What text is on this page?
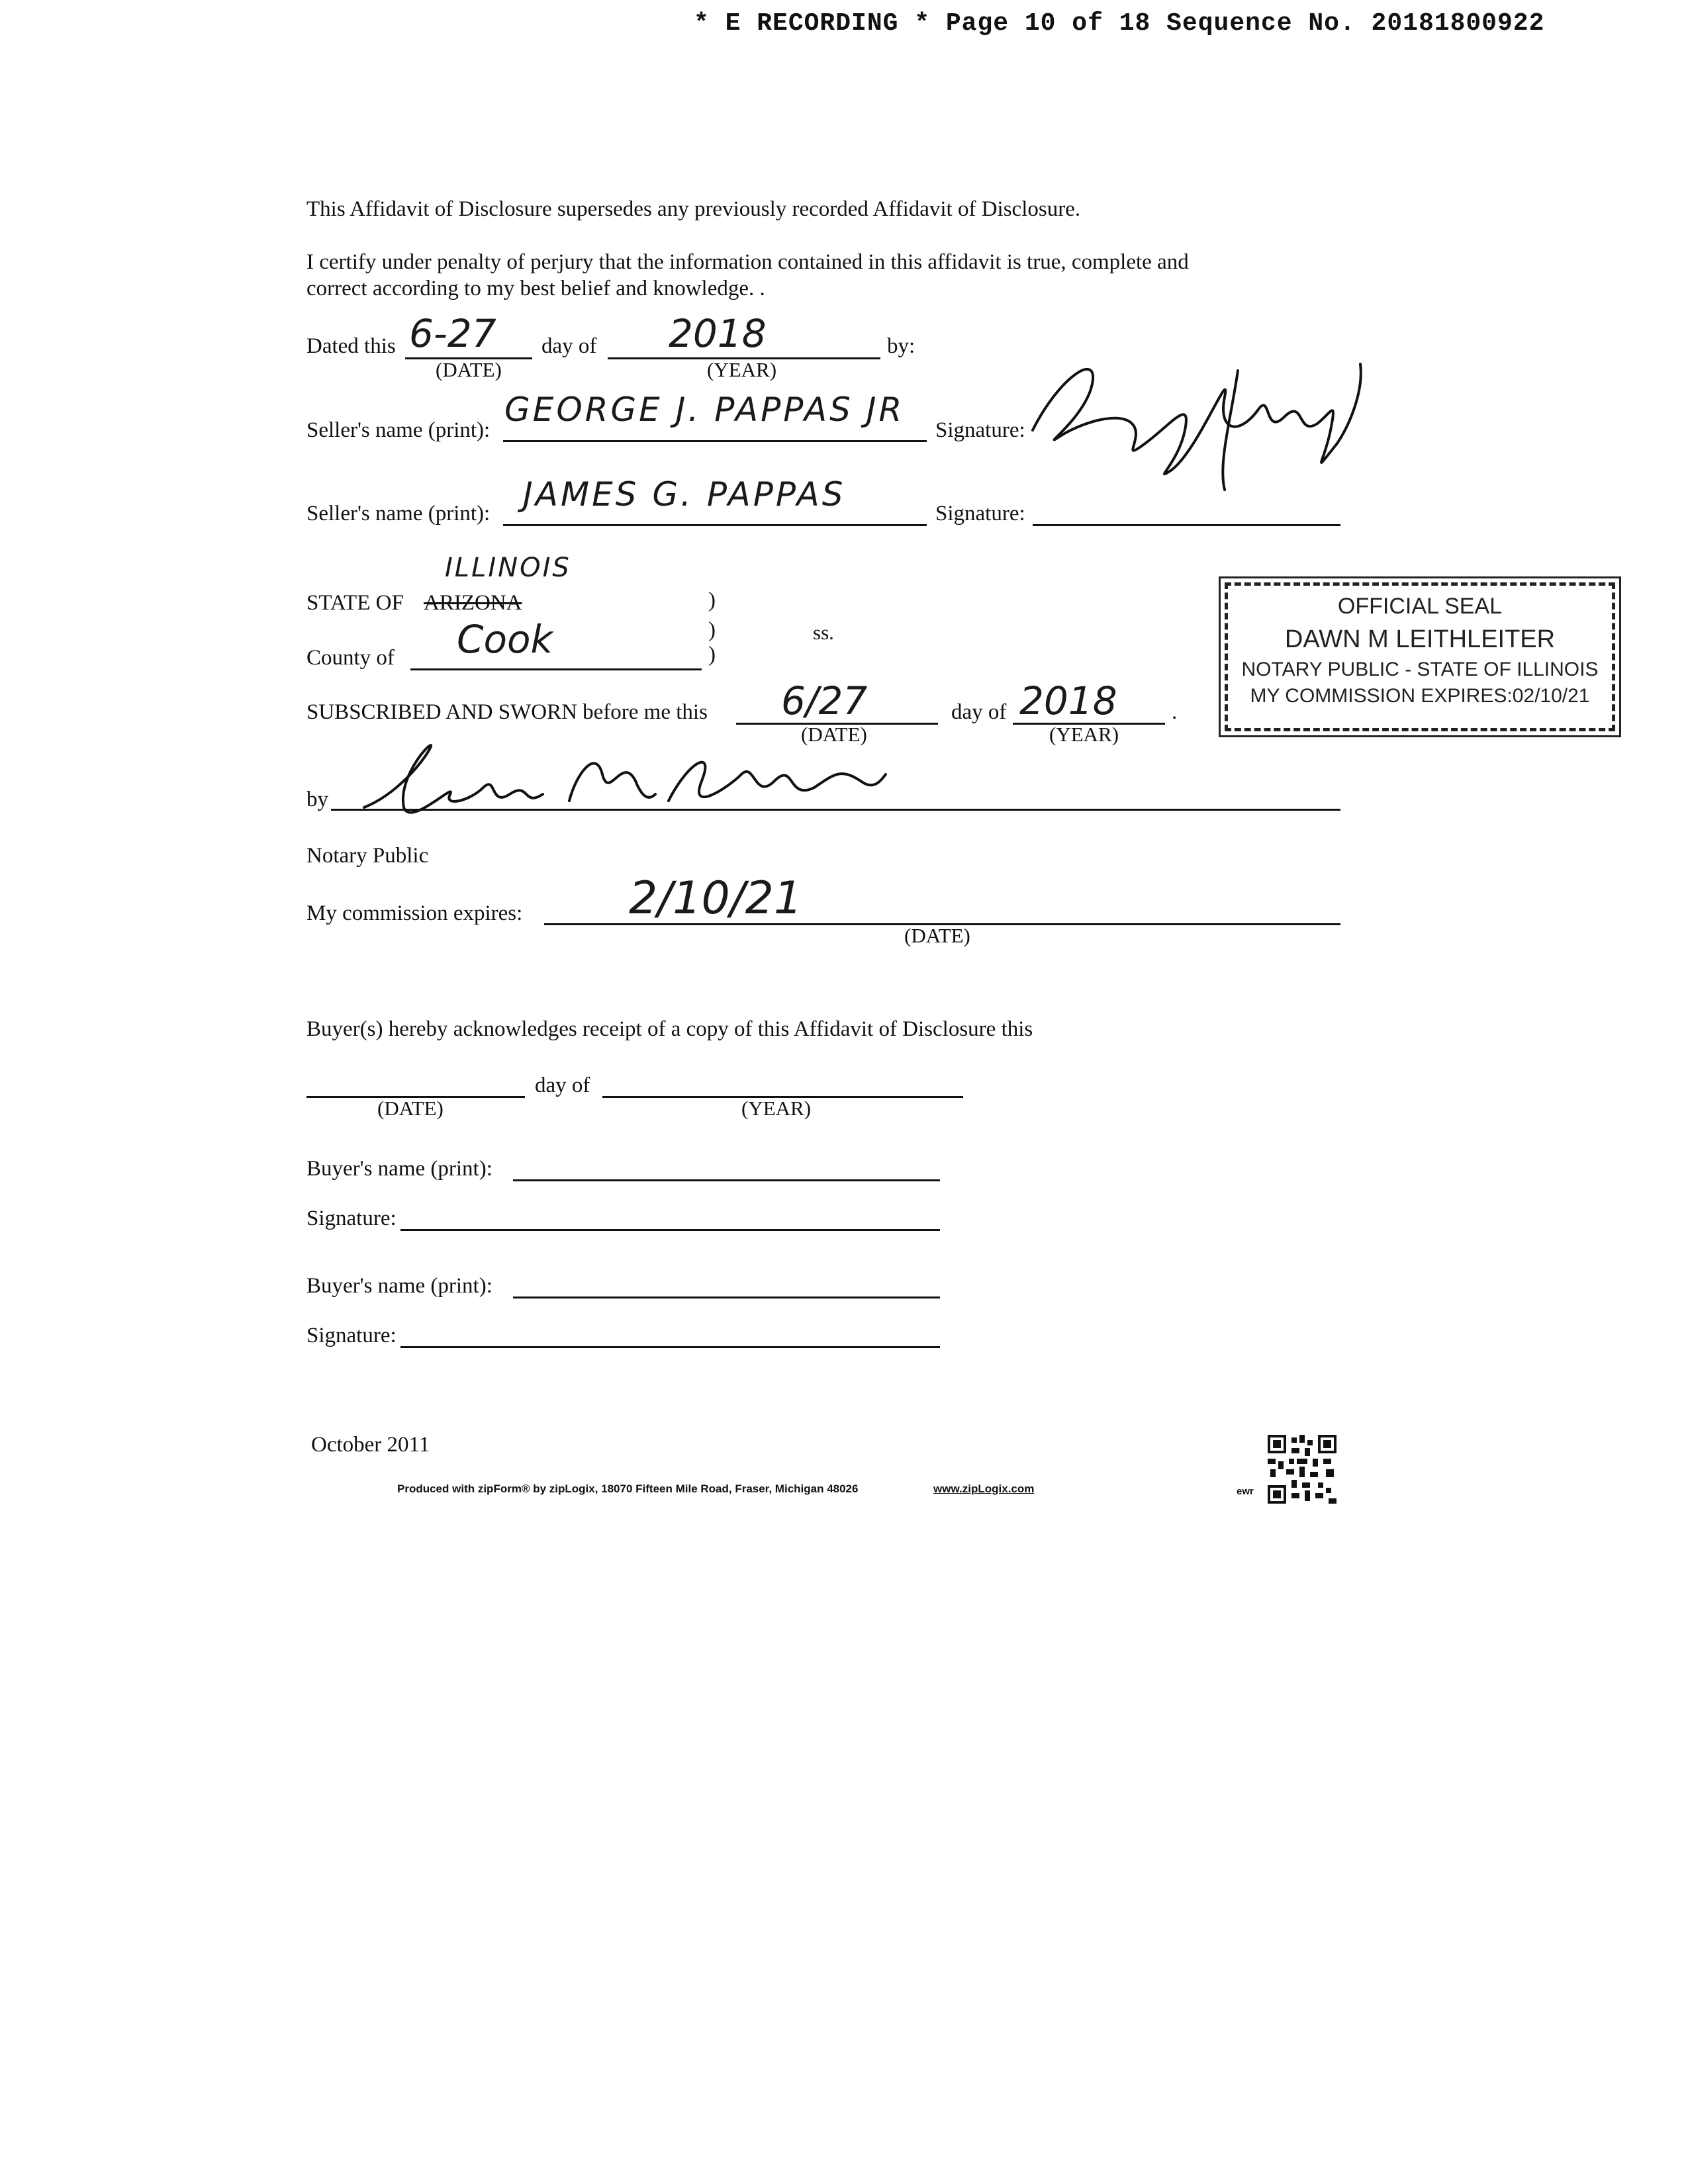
* E RECORDING * Page 10 of 18 Sequence No. 20181800922
This Affidavit of Disclosure supersedes any previously recorded Affidavit of Disclosure.
I certify under penalty of perjury that the information contained in this affidavit is true, complete and
correct according to my best belief and knowledge. .
Dated this 6-27
(DATE)
day of 2018
(YEAR)
by:
Seller's name (print):
GEORGE J. PAPPAS JR
Signature:
Seller's name (print): JAMES G. PAPPAS	Signature:
ILLINOIS
STATE OF ARIZONA	)
)
)
ss.
County of Cook
SUBSCRIBED AND SWORN before me this 6/27
(DATE)
day of 2018
(YEAR)
.
OFFICIAL SEAL
DAWN M LEITHLEITER
NOTARY PUBLIC - STATE OF ILLINOIS
MY COMMISSION EXPIRES:02/10/21
by
Notary Public
My commission expires: 2/10/21
(DATE)
Buyer(s) hereby acknowledges receipt of a copy of this Affidavit of Disclosure this
day of
(DATE)	(YEAR)
Buyer's name (print):
Signature:
Buyer's name (print):
Signature:
October 2011
Produced with zipForm® by zipLogix, 18070 Fifteen Mile Road, Fraser, Michigan 48026	www.zipLogix.com	ewr
